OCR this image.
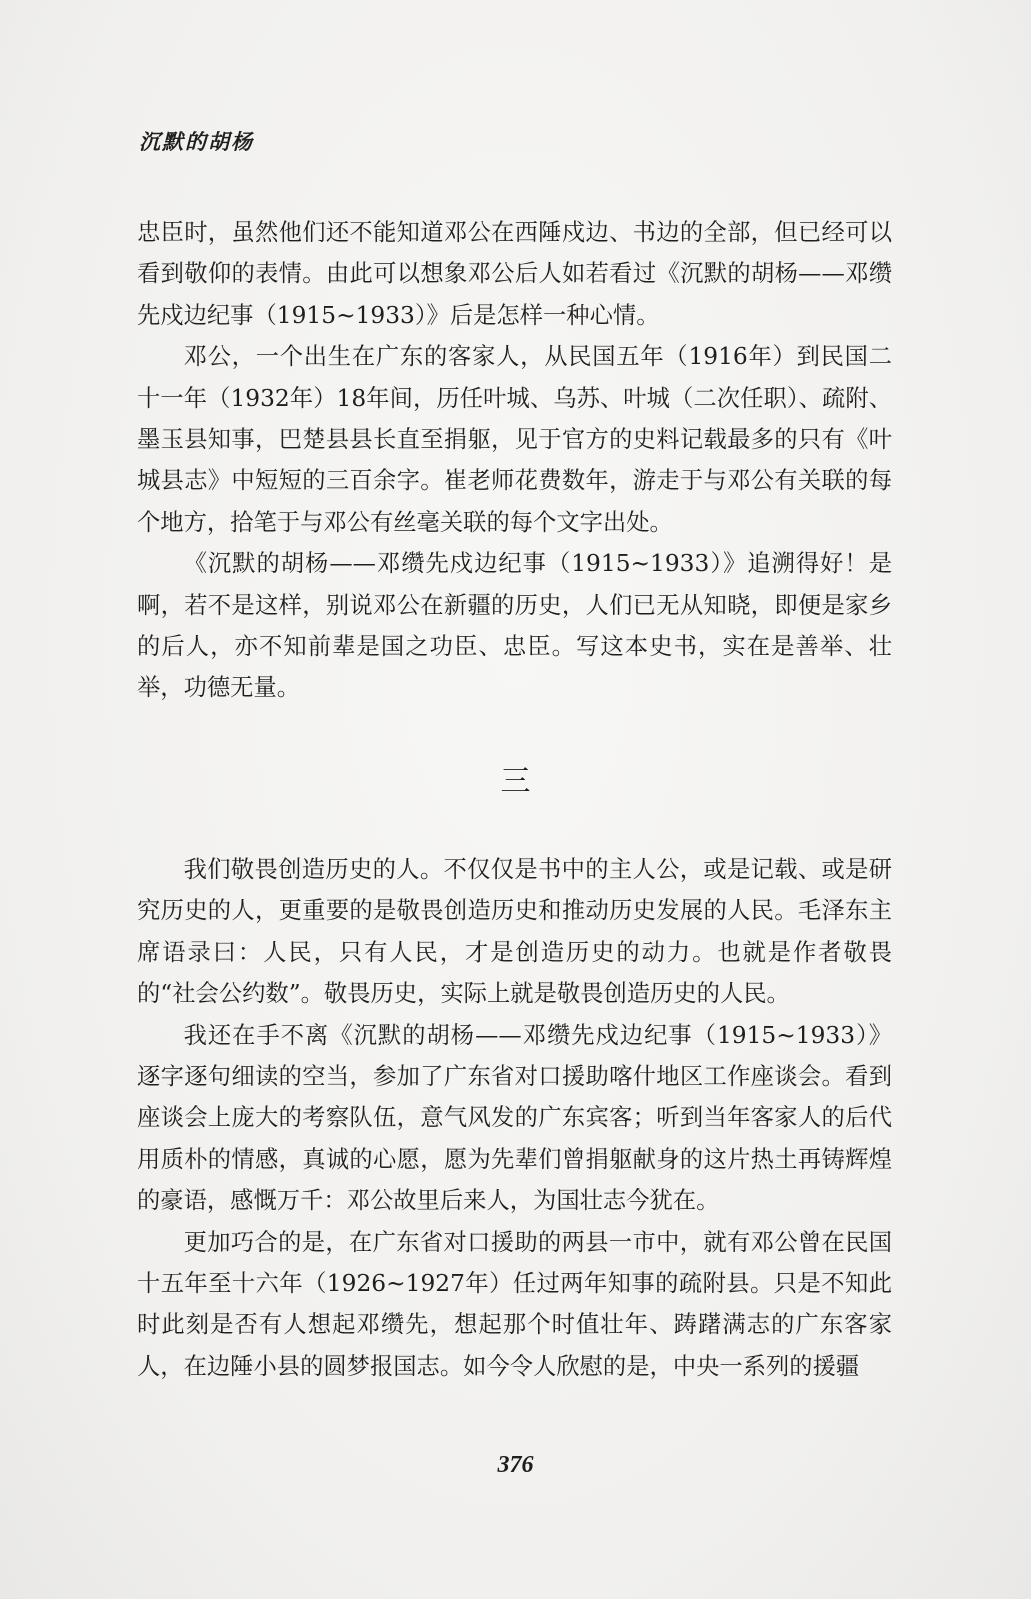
沉默的胡杨

忠臣时，虽然他们还不能知道邓公在西陲戍边、书边的全部，但已经可以看到敬仰的表情。由此可以想象邓公后人如若看过《沉默的胡杨——邓缵先戍边纪事（1915~1933）》后是怎样一种心情。

邓公，一个出生在广东的客家人，从民国五年（1916年）到民国二十一年（1932年）18年间，历任叶城、乌苏、叶城（二次任职）、疏附、墨玉县知事，巴楚县县长直至捐躯，见于官方的史料记载最多的只有《叶城县志》中短短的三百余字。崔老师花费数年，游走于与邓公有关联的每个地方，拾笔于与邓公有丝毫关联的每个文字出处。

《沉默的胡杨——邓缵先戍边纪事（1915~1933）》追溯得好！是啊，若不是这样，别说邓公在新疆的历史，人们已无从知晓，即便是家乡的后人，亦不知前辈是国之功臣、忠臣。写这本史书，实在是善举、壮举，功德无量。

三

我们敬畏创造历史的人。不仅仅是书中的主人公，或是记载、或是研究历史的人，更重要的是敬畏创造历史和推动历史发展的人民。毛泽东主席语录曰：人民，只有人民，才是创造历史的动力。也就是作者敬畏的“社会公约数”。敬畏历史，实际上就是敬畏创造历史的人民。

我还在手不离《沉默的胡杨——邓缵先戍边纪事（1915~1933）》逐字逐句细读的空当，参加了广东省对口援助喀什地区工作座谈会。看到座谈会上庞大的考察队伍，意气风发的广东宾客；听到当年客家人的后代用质朴的情感，真诚的心愿，愿为先辈们曾捐躯献身的这片热土再铸辉煌的豪语，感慨万千：邓公故里后来人，为国壮志今犹在。

更加巧合的是，在广东省对口援助的两县一市中，就有邓公曾在民国十五年至十六年（1926~1927年）任过两年知事的疏附县。只是不知此时此刻是否有人想起邓缵先，想起那个时值壮年、踌躇满志的广东客家人，在边陲小县的圆梦报国志。如今令人欣慰的是，中央一系列的援疆

376
